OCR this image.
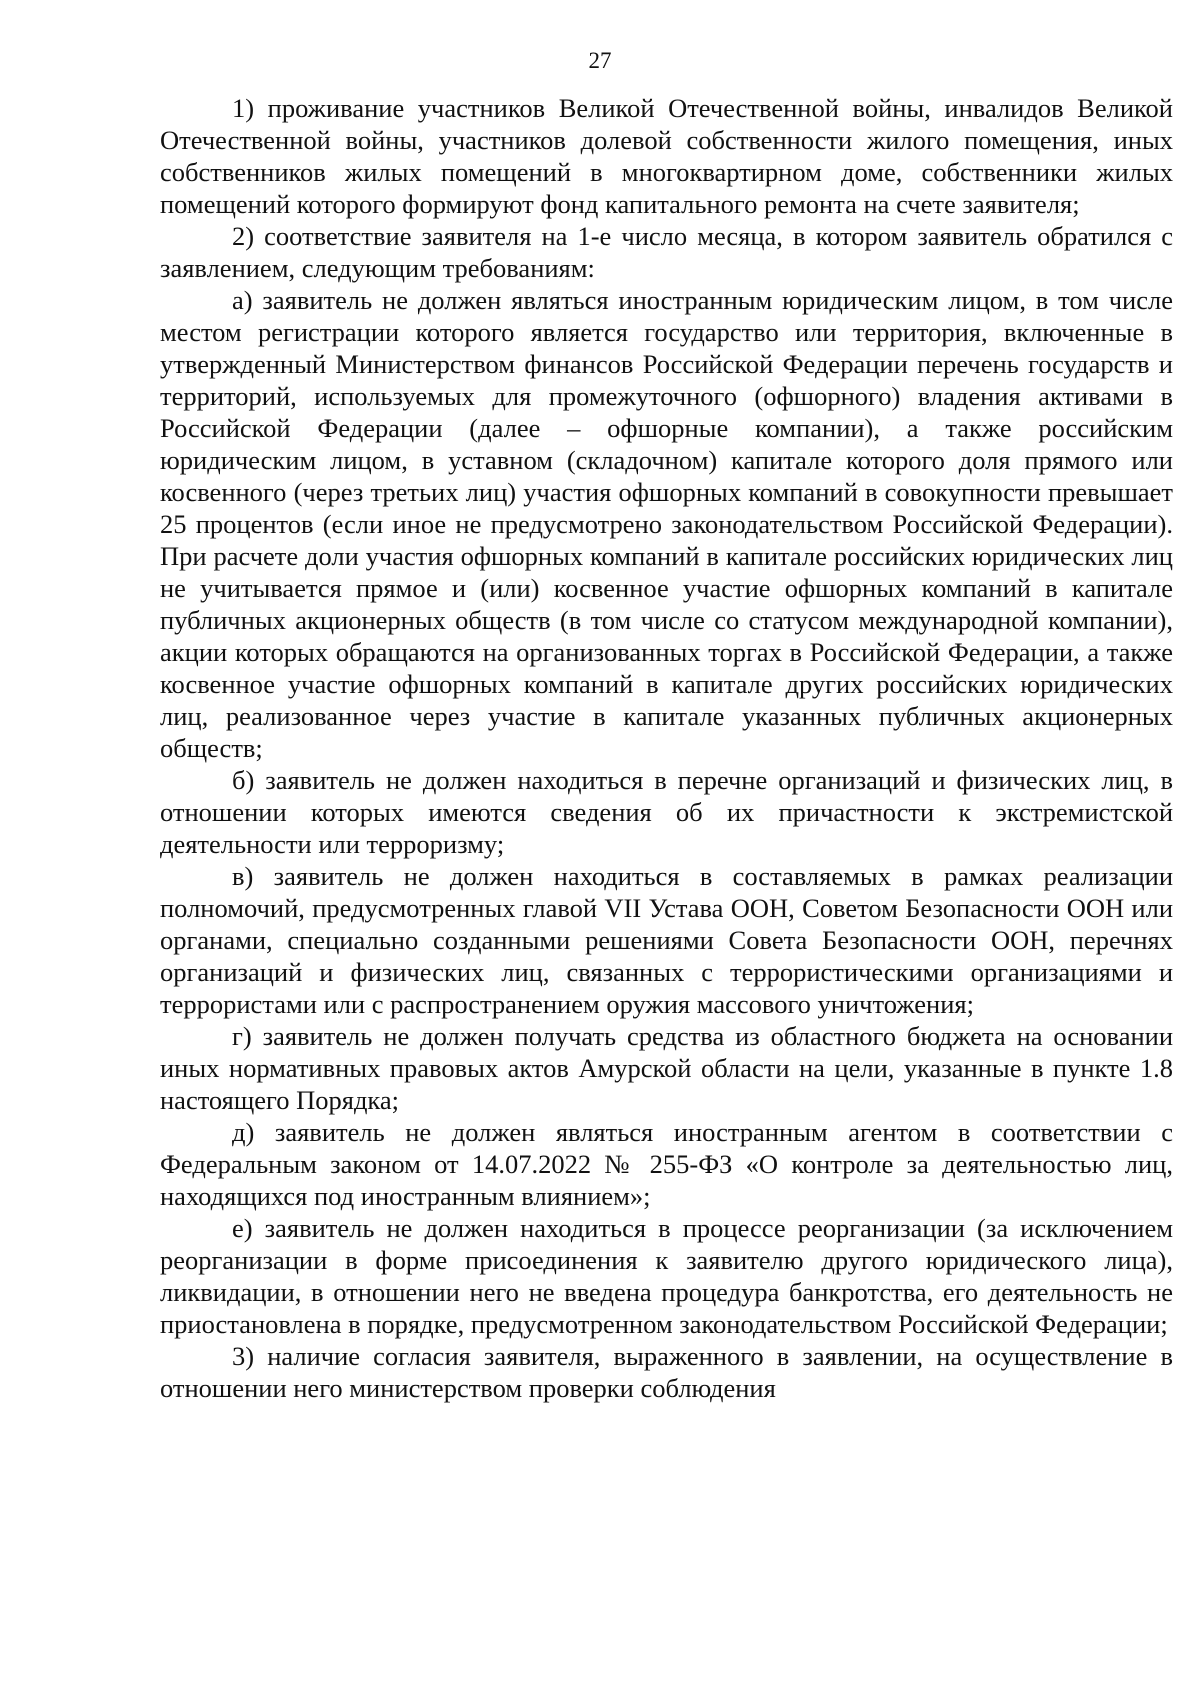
27

1) проживание участников Великой Отечественной войны, инвалидов Великой Отечественной войны, участников долевой собственности жилого помещения, иных собственников жилых помещений в многоквартирном доме, собственники жилых помещений которого формируют фонд капитального ремонта на счете заявителя;

2) соответствие заявителя на 1-е число месяца, в котором заявитель обратился с заявлением, следующим требованиям:

а) заявитель не должен являться иностранным юридическим лицом, в том числе местом регистрации которого является государство или территория, включенные в утвержденный Министерством финансов Российской Федерации перечень государств и территорий, используемых для промежуточного (офшорного) владения активами в Российской Федерации (далее – офшорные компании), а также российским юридическим лицом, в уставном (складочном) капитале которого доля прямого или косвенного (через третьих лиц) участия офшорных компаний в совокупности превышает 25 процентов (если иное не предусмотрено законодательством Российской Федерации). При расчете доли участия офшорных компаний в капитале российских юридических лиц не учитывается прямое и (или) косвенное участие офшорных компаний в капитале публичных акционерных обществ (в том числе со статусом международной компании), акции которых обращаются на организованных торгах в Российской Федерации, а также косвенное участие офшорных компаний в капитале других российских юридических лиц, реализованное через участие в капитале указанных публичных акционерных обществ;

б) заявитель не должен находиться в перечне организаций и физических лиц, в отношении которых имеются сведения об их причастности к экстремистской деятельности или терроризму;

в) заявитель не должен находиться в составляемых в рамках реализации полномочий, предусмотренных главой VII Устава ООН, Советом Безопасности ООН или органами, специально созданными решениями Совета Безопасности ООН, перечнях организаций и физических лиц, связанных с террористическими организациями и террористами или с распространением оружия массового уничтожения;

г) заявитель не должен получать средства из областного бюджета на основании иных нормативных правовых актов Амурской области на цели, указанные в пункте 1.8 настоящего Порядка;

д) заявитель не должен являться иностранным агентом в соответствии с Федеральным законом от 14.07.2022 № 255-ФЗ «О контроле за деятельностью лиц, находящихся под иностранным влиянием»;

е) заявитель не должен находиться в процессе реорганизации (за исключением реорганизации в форме присоединения к заявителю другого юридического лица), ликвидации, в отношении него не введена процедура банкротства, его деятельность не приостановлена в порядке, предусмотренном законодательством Российской Федерации;

3) наличие согласия заявителя, выраженного в заявлении, на осуществление в отношении него министерством проверки соблюдения
